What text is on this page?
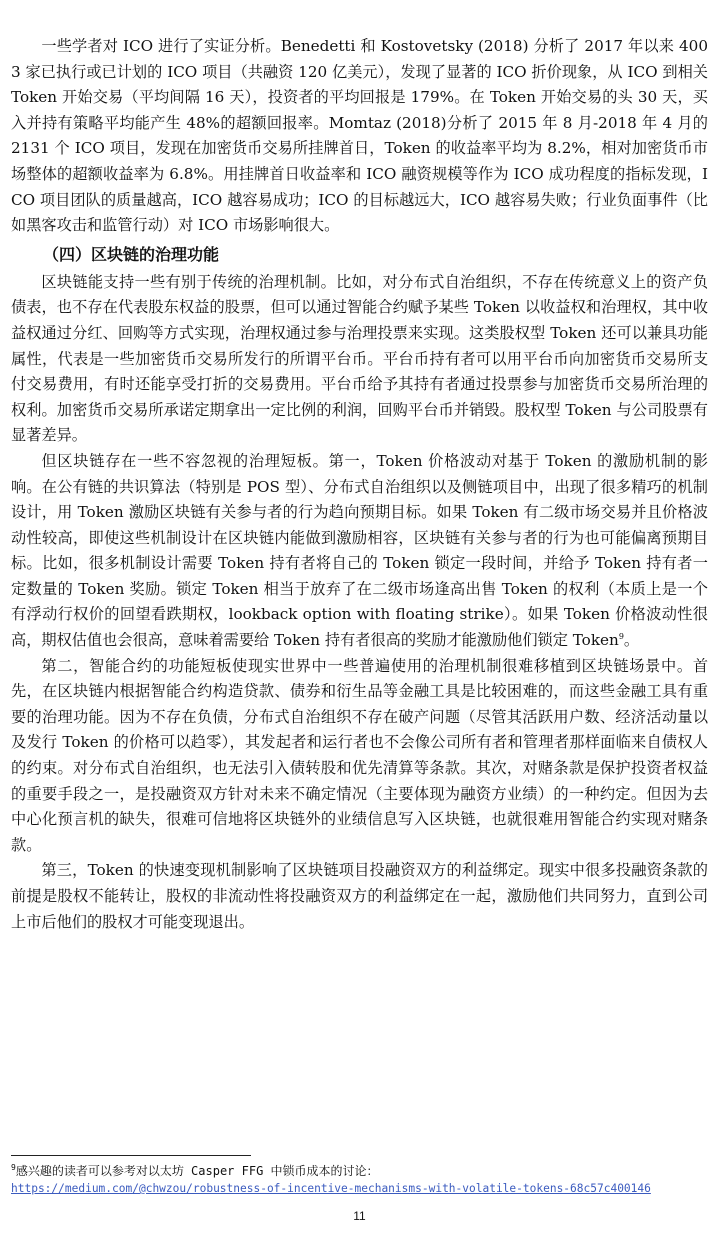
一些学者对 ICO 进行了实证分析。Benedetti 和 Kostovetsky (2018) 分析了 2017 年以来 4003 家已执行或已计划的 ICO 项目（共融资 120 亿美元），发现了显著的 ICO 折价现象，从 ICO 到相关 Token 开始交易（平均间隔 16 天），投资者的平均回报是 179%。在 Token 开始交易的头 30 天，买入并持有策略平均能产生 48%的超额回报率。Momtaz (2018)分析了 2015 年 8 月-2018 年 4 月的 2131 个 ICO 项目，发现在加密货币交易所挂牌首日，Token 的收益率平均为 8.2%，相对加密货币市场整体的超额收益率为 6.8%。用挂牌首日收益率和 ICO 融资规模等作为 ICO 成功程度的指标发现，ICO 项目团队的质量越高，ICO 越容易成功；ICO 的目标越远大，ICO 越容易失败；行业负面事件（比如黑客攻击和监管行动）对 ICO 市场影响很大。

（四）区块链的治理功能

区块链能支持一些有别于传统的治理机制。比如，对分布式自治组织，不存在传统意义上的资产负债表，也不存在代表股东权益的股票，但可以通过智能合约赋予某些 Token 以收益权和治理权，其中收益权通过分红、回购等方式实现，治理权通过参与治理投票来实现。这类股权型 Token 还可以兼具功能属性，代表是一些加密货币交易所发行的所谓平台币。平台币持有者可以用平台币向加密货币交易所支付交易费用，有时还能享受打折的交易费用。平台币给予其持有者通过投票参与加密货币交易所治理的权利。加密货币交易所承诺定期拿出一定比例的利润，回购平台币并销毁。股权型 Token 与公司股票有显著差异。

但区块链存在一些不容忽视的治理短板。第一，Token 价格波动对基于 Token 的激励机制的影响。在公有链的共识算法（特别是 POS 型）、分布式自治组织以及侧链项目中，出现了很多精巧的机制设计，用 Token 激励区块链有关参与者的行为趋向预期目标。如果 Token 有二级市场交易并且价格波动性较高，即使这些机制设计在区块链内能做到激励相容，区块链有关参与者的行为也可能偏离预期目标。比如，很多机制设计需要 Token 持有者将自己的 Token 锁定一段时间，并给予 Token 持有者一定数量的 Token 奖励。锁定 Token 相当于放弃了在二级市场逢高出售 Token 的权利（本质上是一个有浮动行权价的回望看跌期权，lookback option with floating strike）。如果 Token 价格波动性很高，期权估值也会很高，意味着需要给 Token 持有者很高的奖励才能激励他们锁定 Token$^9$。

第二，智能合约的功能短板使现实世界中一些普遍使用的治理机制很难移植到区块链场景中。首先，在区块链内根据智能合约构造贷款、债券和衍生品等金融工具是比较困难的，而这些金融工具有重要的治理功能。因为不存在负债，分布式自治组织不存在破产问题（尽管其活跃用户数、经济活动量以及发行 Token 的价格可以趋零），其发起者和运行者也不会像公司所有者和管理者那样面临来自债权人的约束。对分布式自治组织，也无法引入债转股和优先清算等条款。其次，对赌条款是保护投资者权益的重要手段之一，是投融资双方针对未来不确定情况（主要体现为融资方业绩）的一种约定。但因为去中心化预言机的缺失，很难可信地将区块链外的业绩信息写入区块链，也就很难用智能合约实现对赌条款。

第三，Token 的快速变现机制影响了区块链项目投融资双方的利益绑定。现实中很多投融资条款的前提是股权不能转让，股权的非流动性将投融资双方的利益绑定在一起，激励他们共同努力，直到公司上市后他们的股权才可能变现退出。

$^9$感兴趣的读者可以参考对以太坊 Casper FFG 中锁币成本的讨论：
https://medium.com/@chwzou/robustness-of-incentive-mechanisms-with-volatile-tokens-68c57c400146
11
